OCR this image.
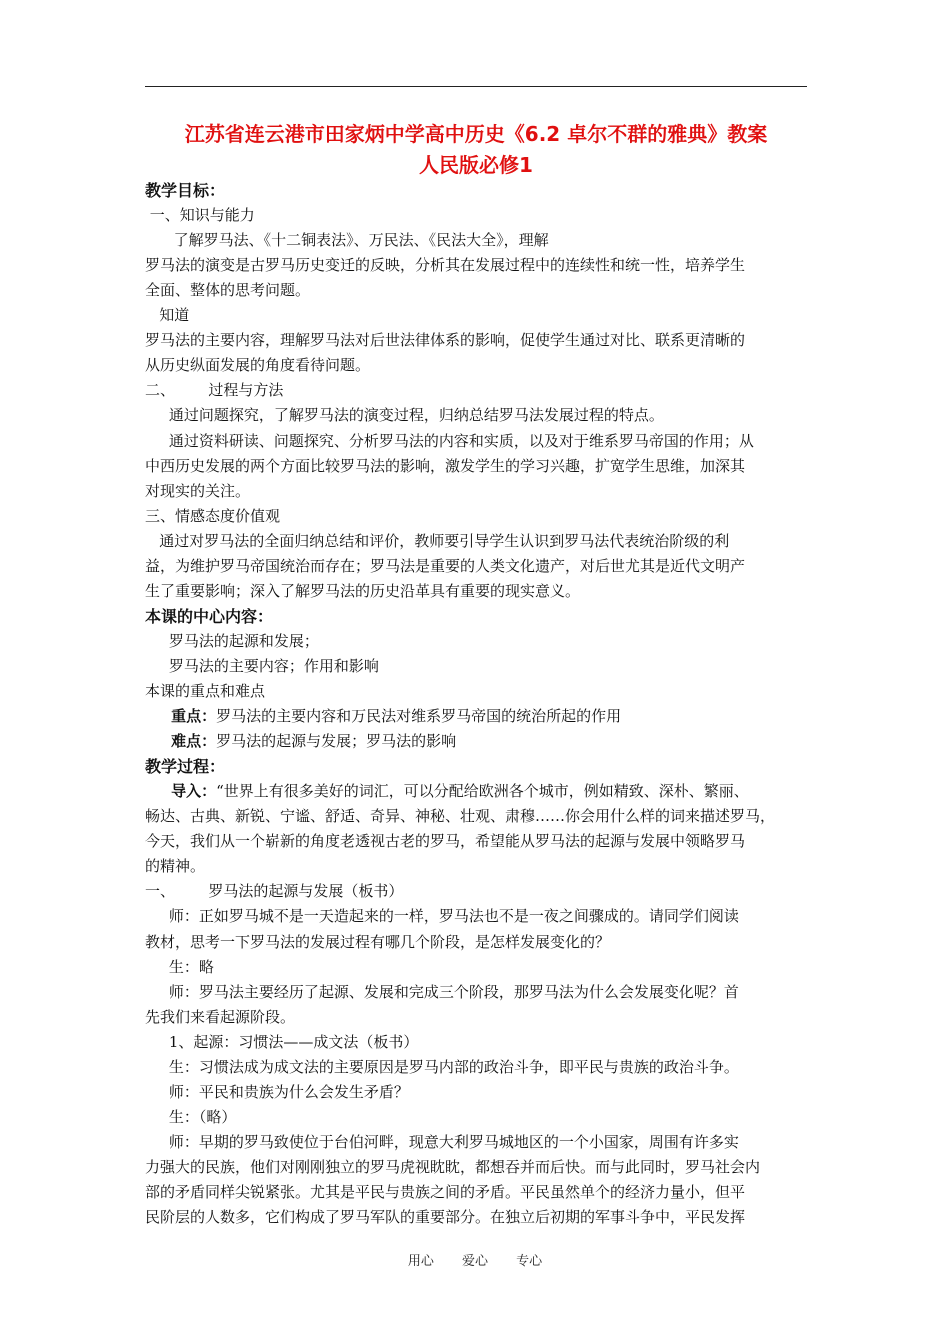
江苏省连云港市田家炳中学高中历史《6.2 卓尔不群的雅典》教案
人民版必修1
教学目标：
一、知识与能力
了解罗马法、《十二铜表法》、万民法、《民法大全》，理解
罗马法的演变是古罗马历史变迁的反映，分析其在发展过程中的连续性和统一性，培养学生
全面、整体的思考问题。
知道
罗马法的主要内容，理解罗马法对后世法律体系的影响，促使学生通过对比、联系更清晰的
从历史纵面发展的角度看待问题。
二、       过程与方法
通过问题探究，了解罗马法的演变过程，归纳总结罗马法发展过程的特点。
通过资料研读、问题探究、分析罗马法的内容和实质，以及对于维系罗马帝国的作用；从
中西历史发展的两个方面比较罗马法的影响，激发学生的学习兴趣，扩宽学生思维，加深其
对现实的关注。
三、情感态度价值观
通过对罗马法的全面归纳总结和评价，教师要引导学生认识到罗马法代表统治阶级的利
益，为维护罗马帝国统治而存在；罗马法是重要的人类文化遗产，对后世尤其是近代文明产
生了重要影响；深入了解罗马法的历史沿革具有重要的现实意义。
本课的中心内容：
罗马法的起源和发展；
罗马法的主要内容；作用和影响
本课的重点和难点
重点：罗马法的主要内容和万民法对维系罗马帝国的统治所起的作用
难点：罗马法的起源与发展；罗马法的影响
教学过程：
导入：“世界上有很多美好的词汇，可以分配给欧洲各个城市，例如精致、深朴、繁丽、
畅达、古典、新锐、宁谧、舒适、奇异、神秘、壮观、肃穆……你会用什么样的词来描述罗马，
今天，我们从一个崭新的角度老透视古老的罗马，希望能从罗马法的起源与发展中领略罗马
的精神。
一、       罗马法的起源与发展（板书）
师：正如罗马城不是一天造起来的一样，罗马法也不是一夜之间骤成的。请同学们阅读
教材，思考一下罗马法的发展过程有哪几个阶段，是怎样发展变化的？
生：略
师：罗马法主要经历了起源、发展和完成三个阶段，那罗马法为什么会发展变化呢？首
先我们来看起源阶段。
1、起源：习惯法——成文法（板书）
生：习惯法成为成文法的主要原因是罗马内部的政治斗争，即平民与贵族的政治斗争。
师：平民和贵族为什么会发生矛盾？
生：（略）
师：早期的罗马致使位于台伯河畔，现意大利罗马城地区的一个小国家，周围有许多实
力强大的民族，他们对刚刚独立的罗马虎视眈眈，都想吞并而后快。而与此同时，罗马社会内
部的矛盾同样尖锐紧张。尤其是平民与贵族之间的矛盾。平民虽然单个的经济力量小，但平
民阶层的人数多，它们构成了罗马军队的重要部分。在独立后初期的军事斗争中，平民发挥
用心 爱心 专心
